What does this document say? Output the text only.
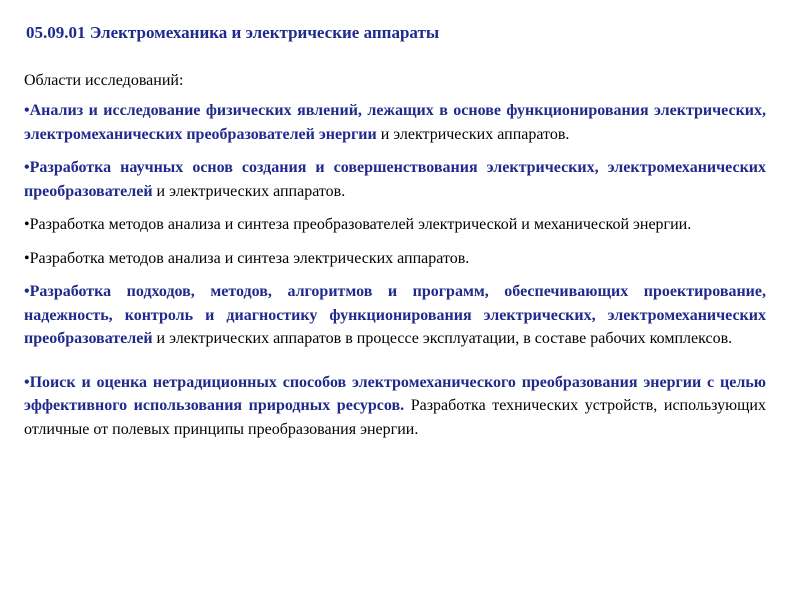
05.09.01 Электромеханика и электрические аппараты
Области исследований:
•Анализ и исследование физических явлений, лежащих в основе функционирования электрических, электромеханических преобразователей энергии и электрических аппаратов.
•Разработка научных основ создания и совершенствования электрических, электромеханических преобразователей и электрических аппаратов.
•Разработка методов анализа и синтеза преобразователей электрической и механической энергии.
•Разработка методов анализа и синтеза электрических аппаратов.
•Разработка подходов, методов, алгоритмов и программ, обеспечивающих проектирование, надежность, контроль и диагностику функционирования электрических, электромеханических преобразователей и электрических аппаратов в процессе эксплуатации, в составе рабочих комплексов.
•Поиск и оценка нетрадиционных способов электромеханического преобразования энергии с целью эффективного использования природных ресурсов. Разработка технических устройств, использующих отличные от полевых принципы преобразования энергии.
